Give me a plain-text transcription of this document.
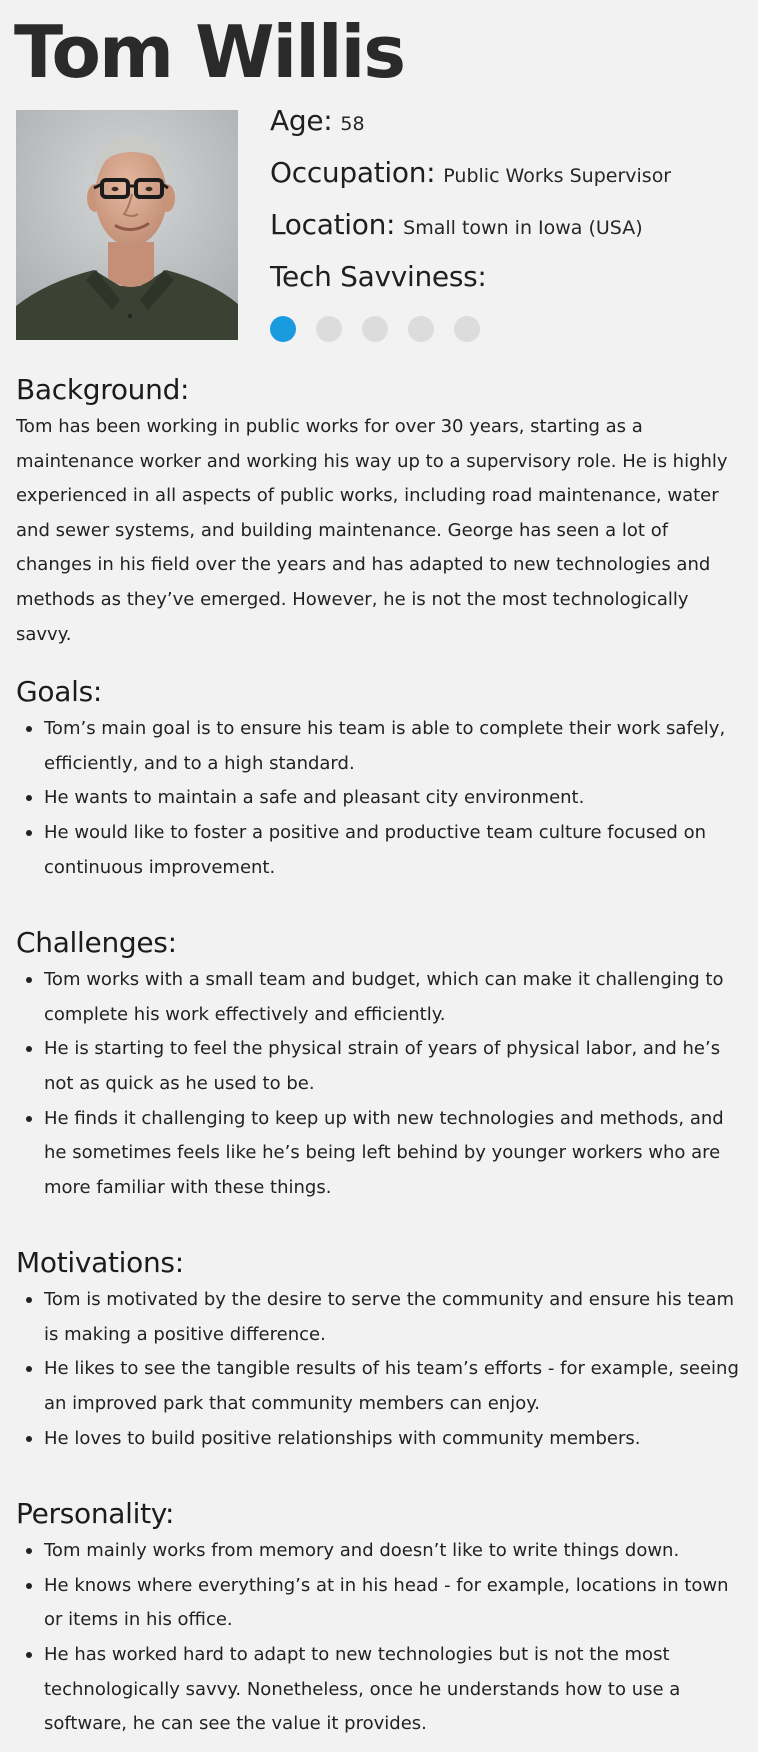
Tom Willis
Age: 58
Occupation: Public Works Supervisor
Location: Small town in Iowa (USA)
Tech Savviness:
Background:

Tom has been working in public works for over 30 years, starting as a maintenance worker and working his way up to a supervisory role. He is highly experienced in all aspects of public works, including road maintenance, water and sewer systems, and building maintenance. George has seen a lot of changes in his field over the years and has adapted to new technologies and methods as they’ve emerged. However, he is not the most technologically savvy.

Goals:
Tom’s main goal is to ensure his team is able to complete their work safely, efficiently, and to a high standard.
He wants to maintain a safe and pleasant city environment.
He would like to foster a positive and productive team culture focused on continuous improvement.
Challenges:
Tom works with a small team and budget, which can make it challenging to complete his work effectively and efficiently.
He is starting to feel the physical strain of years of physical labor, and he’s not as quick as he used to be.
He finds it challenging to keep up with new technologies and methods, and he sometimes feels like he’s being left behind by younger workers who are more familiar with these things.
Motivations:
Tom is motivated by the desire to serve the community and ensure his team is making a positive difference.
He likes to see the tangible results of his team’s efforts - for example, seeing an improved park that community members can enjoy.
He loves to build positive relationships with community members.
Personality:
Tom mainly works from memory and doesn’t like to write things down.
He knows where everything’s at in his head - for example, locations in town or items in his office.
He has worked hard to adapt to new technologies but is not the most technologically savvy. Nonetheless, once he understands how to use a software, he can see the value it provides.
